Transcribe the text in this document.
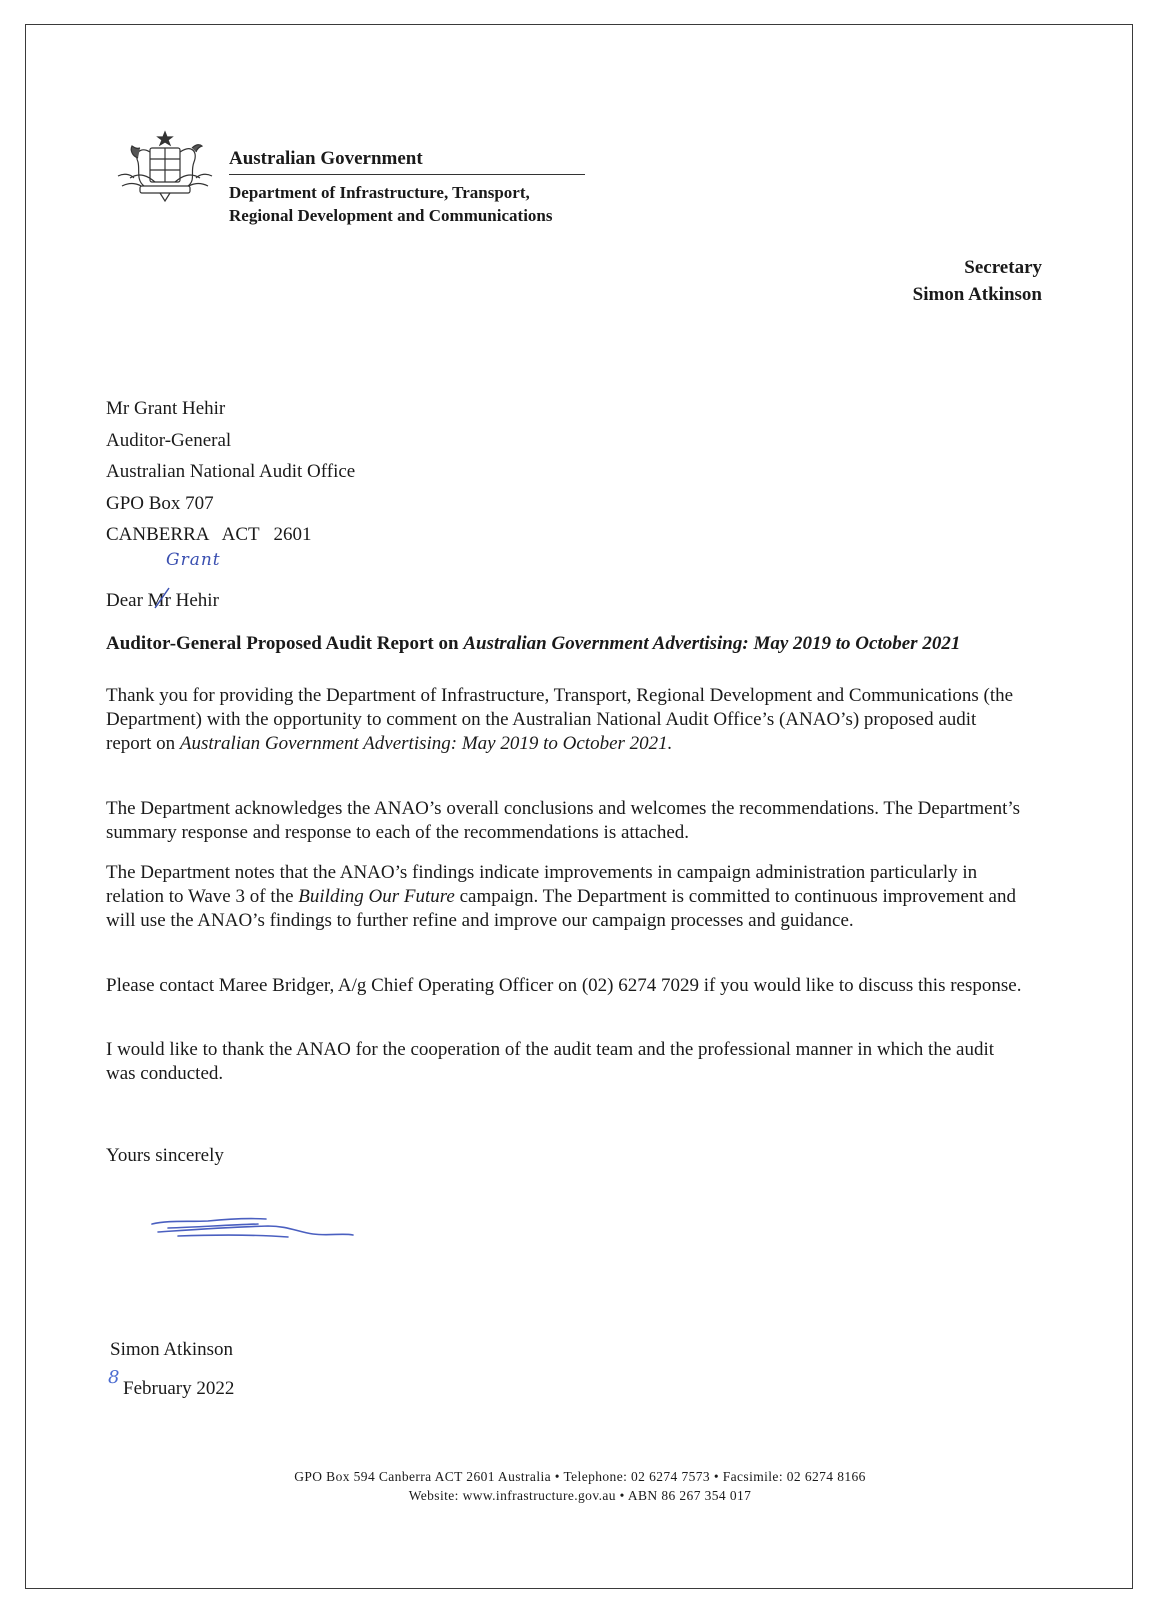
Australian Government
Department of Infrastructure, Transport,
Regional Development and Communications
Secretary
Simon Atkinson
Mr Grant Hehir
Auditor-General
Australian National Audit Office
GPO Box 707
CANBERRA   ACT   2601
Grant
Dear Mr Hehir
Auditor-General Proposed Audit Report on Australian Government Advertising: May 2019 to October 2021
Thank you for providing the Department of Infrastructure, Transport, Regional Development and Communications (the Department) with the opportunity to comment on the Australian National Audit Office’s (ANAO’s) proposed audit report on Australian Government Advertising: May 2019 to October 2021.
The Department acknowledges the ANAO’s overall conclusions and welcomes the recommendations. The Department’s summary response and response to each of the recommendations is attached.
The Department notes that the ANAO’s findings indicate improvements in campaign administration particularly in relation to Wave 3 of the Building Our Future campaign. The Department is committed to continuous improvement and will use the ANAO’s findings to further refine and improve our campaign processes and guidance.
Please contact Maree Bridger, A/g Chief Operating Officer on (02) 6274 7029 if you would like to discuss this response.
I would like to thank the ANAO for the cooperation of the audit team and the professional manner in which the audit was conducted.
Yours sincerely
Simon Atkinson
8
February 2022
GPO Box 594 Canberra ACT 2601 Australia • Telephone: 02 6274 7573 • Facsimile: 02 6274 8166
Website: www.infrastructure.gov.au • ABN 86 267 354 017
